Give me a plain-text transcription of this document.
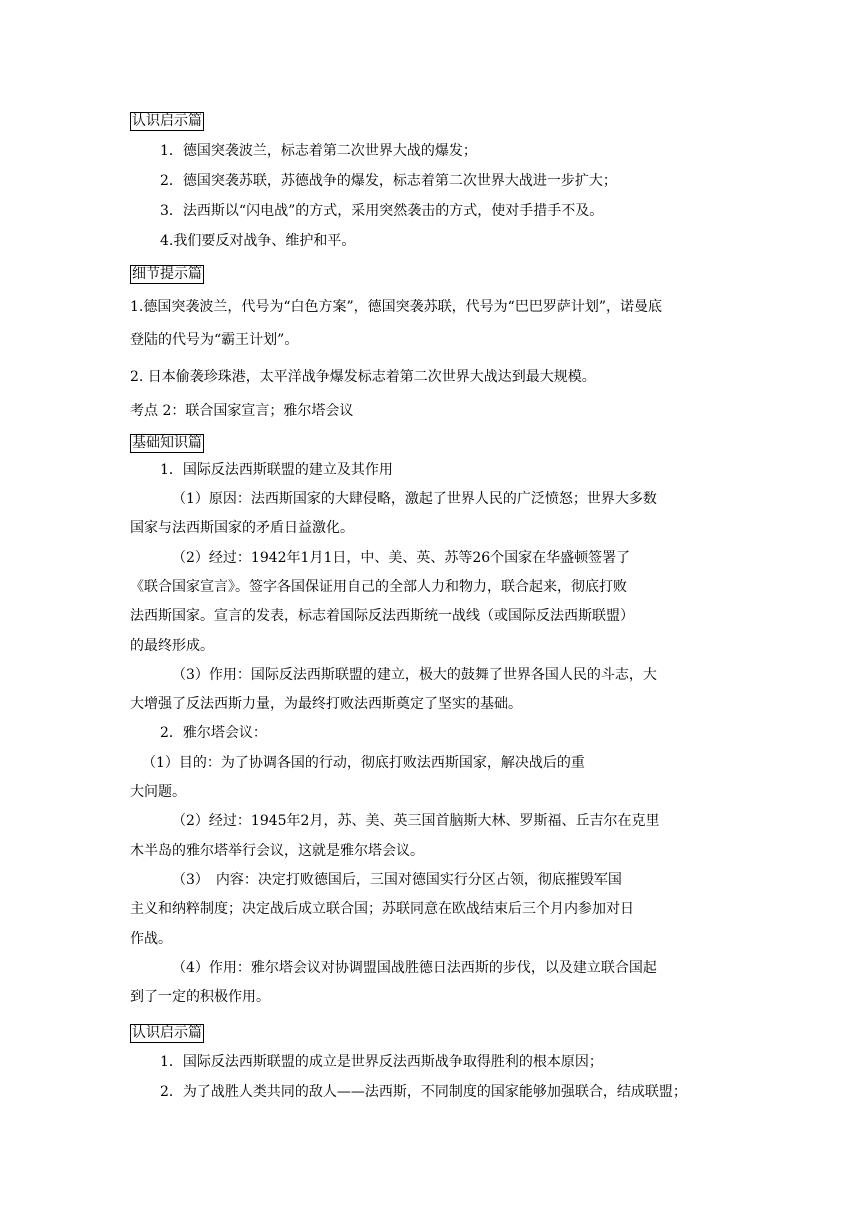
认识启示篇

1．德国突袭波兰，标志着第二次世界大战的爆发；

2．德国突袭苏联，苏德战争的爆发，标志着第二次世界大战进一步扩大；

3．法西斯以“闪电战”的方式，采用突然袭击的方式，使对手措手不及。

4.我们要反对战争、维护和平。

细节提示篇

1.德国突袭波兰，代号为“白色方案”，德国突袭苏联，代号为“巴巴罗萨计划”，诺曼底

登陆的代号为“霸王计划”。

2. 日本偷袭珍珠港，太平洋战争爆发标志着第二次世界大战达到最大规模。

考点 2：联合国家宣言；雅尔塔会议

基础知识篇

1．国际反法西斯联盟的建立及其作用

（1）原因：法西斯国家的大肆侵略，激起了世界人民的广泛愤怒；世界大多数

国家与法西斯国家的矛盾日益激化。

（2）经过：1942年1月1日，中、美、英、苏等26个国家在华盛顿签署了

《联合国家宣言》。签字各国保证用自己的全部人力和物力，联合起来，彻底打败

法西斯国家。宣言的发表，标志着国际反法西斯统一战线（或国际反法西斯联盟）

的最终形成。

（3）作用：国际反法西斯联盟的建立，极大的鼓舞了世界各国人民的斗志，大

大增强了反法西斯力量，为最终打败法西斯奠定了坚实的基础。

2．雅尔塔会议：

（1）目的：为了协调各国的行动，彻底打败法西斯国家，解决战后的重

大问题。

（2）经过：1945年2月，苏、美、英三国首脑斯大林、罗斯福、丘吉尔在克里

木半岛的雅尔塔举行会议，这就是雅尔塔会议。

（3）　内容：决定打败德国后，三国对德国实行分区占领，彻底摧毁军国

主义和纳粹制度；决定战后成立联合国；苏联同意在欧战结束后三个月内参加对日

作战。

（4）作用：雅尔塔会议对协调盟国战胜德日法西斯的步伐，以及建立联合国起

到了一定的积极作用。

认识启示篇

1．国际反法西斯联盟的成立是世界反法西斯战争取得胜利的根本原因；

2．为了战胜人类共同的敌人——法西斯，不同制度的国家能够加强联合，结成联盟；
